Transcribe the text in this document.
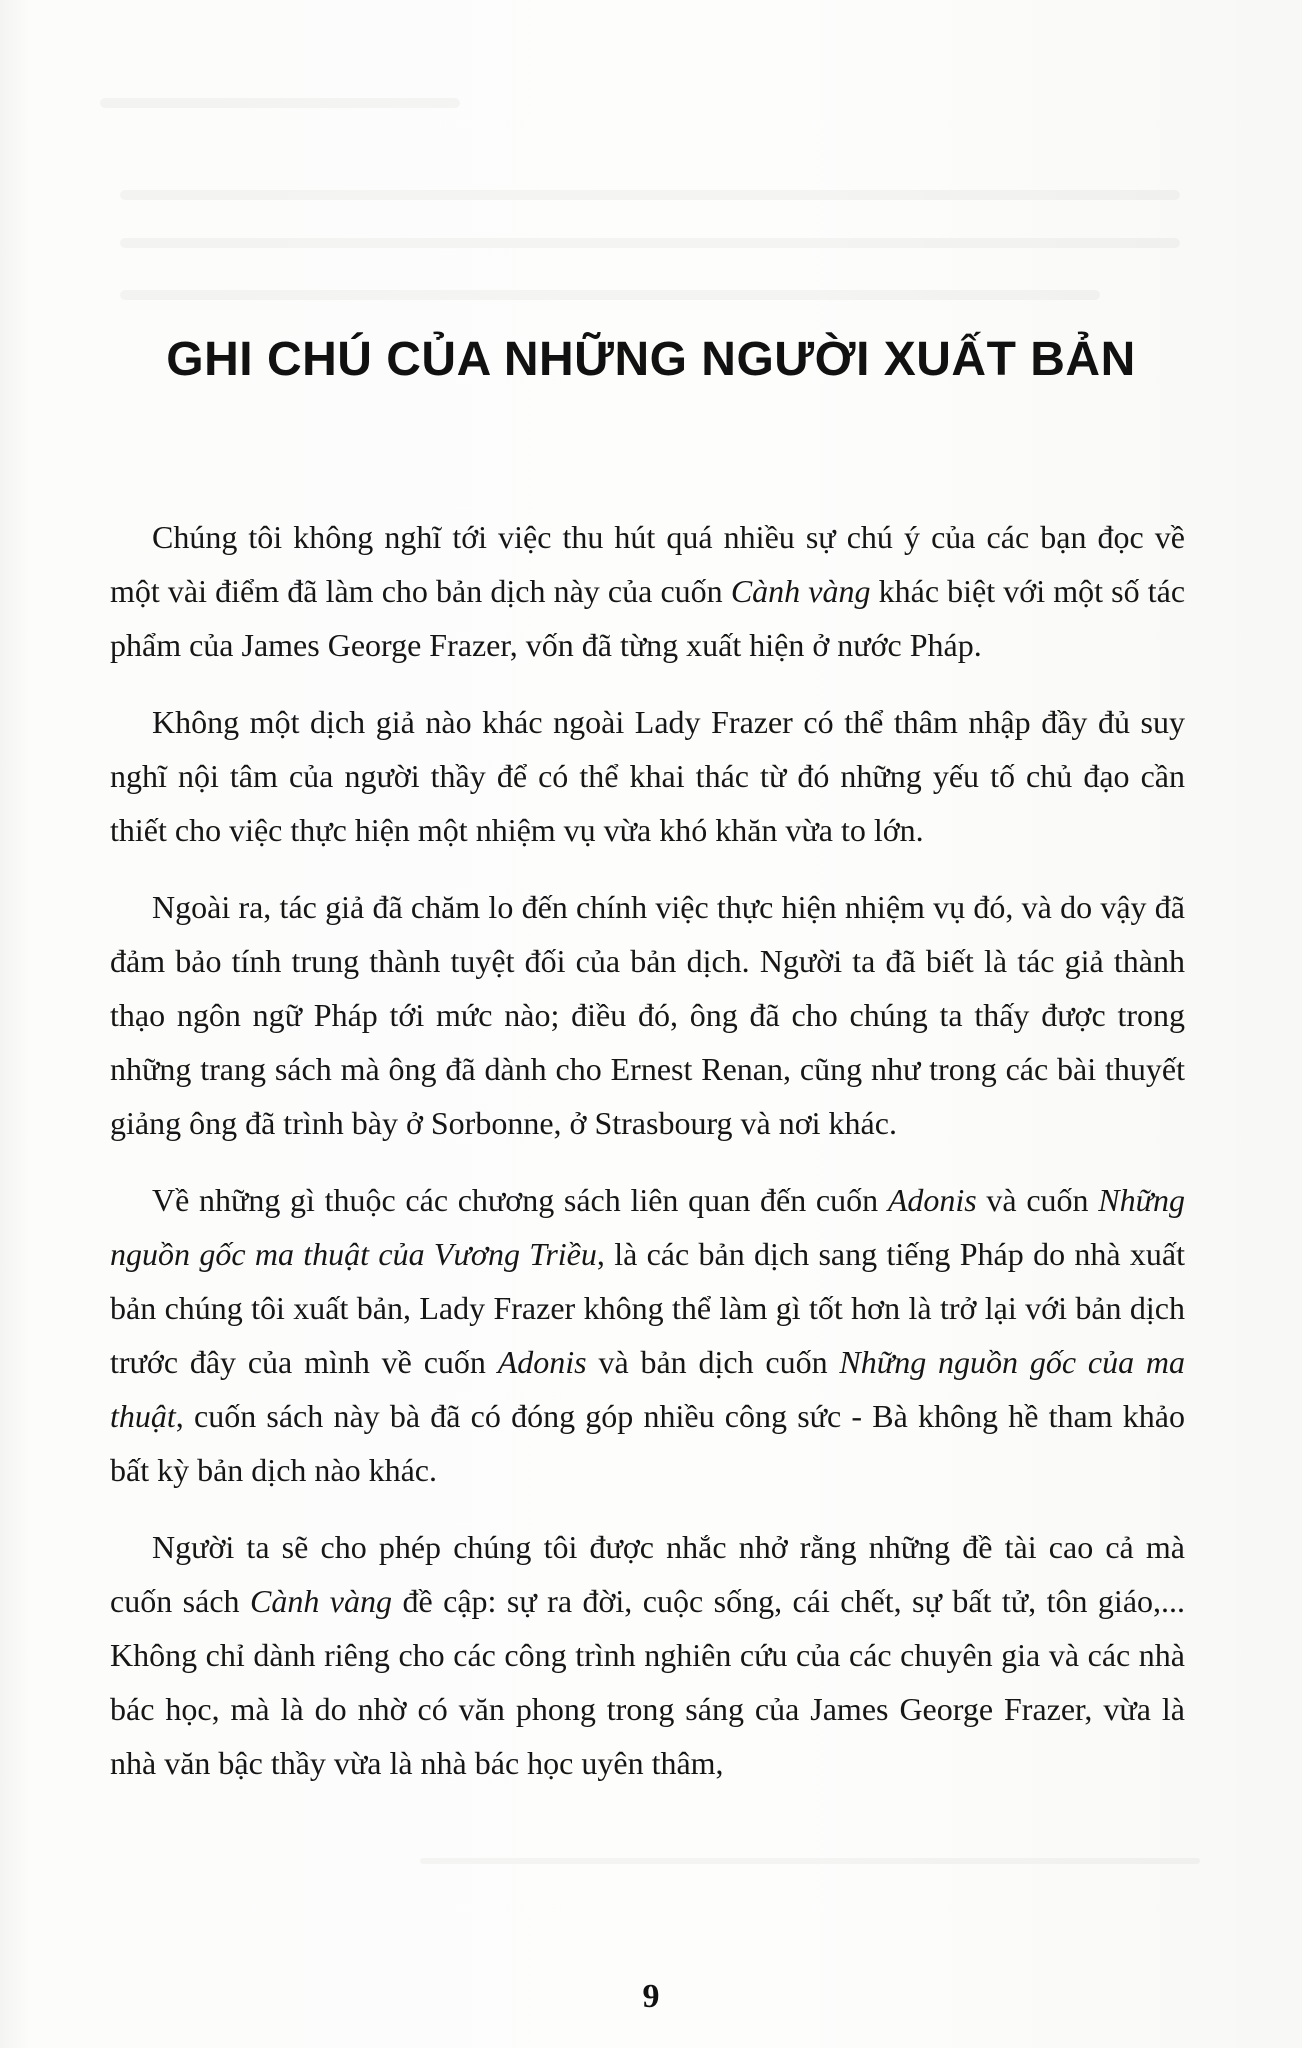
GHI CHÚ CỦA NHỮNG NGƯỜI XUẤT BẢN

Chúng tôi không nghĩ tới việc thu hút quá nhiều sự chú ý của các bạn đọc về một vài điểm đã làm cho bản dịch này của cuốn Cành vàng khác biệt với một số tác phẩm của James George Frazer, vốn đã từng xuất hiện ở nước Pháp.

Không một dịch giả nào khác ngoài Lady Frazer có thể thâm nhập đầy đủ suy nghĩ nội tâm của người thầy để có thể khai thác từ đó những yếu tố chủ đạo cần thiết cho việc thực hiện một nhiệm vụ vừa khó khăn vừa to lớn.

Ngoài ra, tác giả đã chăm lo đến chính việc thực hiện nhiệm vụ đó, và do vậy đã đảm bảo tính trung thành tuyệt đối của bản dịch. Người ta đã biết là tác giả thành thạo ngôn ngữ Pháp tới mức nào; điều đó, ông đã cho chúng ta thấy được trong những trang sách mà ông đã dành cho Ernest Renan, cũng như trong các bài thuyết giảng ông đã trình bày ở Sorbonne, ở Strasbourg và nơi khác.

Về những gì thuộc các chương sách liên quan đến cuốn Adonis và cuốn Những nguồn gốc ma thuật của Vương Triều, là các bản dịch sang tiếng Pháp do nhà xuất bản chúng tôi xuất bản, Lady Frazer không thể làm gì tốt hơn là trở lại với bản dịch trước đây của mình về cuốn Adonis và bản dịch cuốn Những nguồn gốc của ma thuật, cuốn sách này bà đã có đóng góp nhiều công sức - Bà không hề tham khảo bất kỳ bản dịch nào khác.

Người ta sẽ cho phép chúng tôi được nhắc nhở rằng những đề tài cao cả mà cuốn sách Cành vàng đề cập: sự ra đời, cuộc sống, cái chết, sự bất tử, tôn giáo,... Không chỉ dành riêng cho các công trình nghiên cứu của các chuyên gia và các nhà bác học, mà là do nhờ có văn phong trong sáng của James George Frazer, vừa là nhà văn bậc thầy vừa là nhà bác học uyên thâm,

9
